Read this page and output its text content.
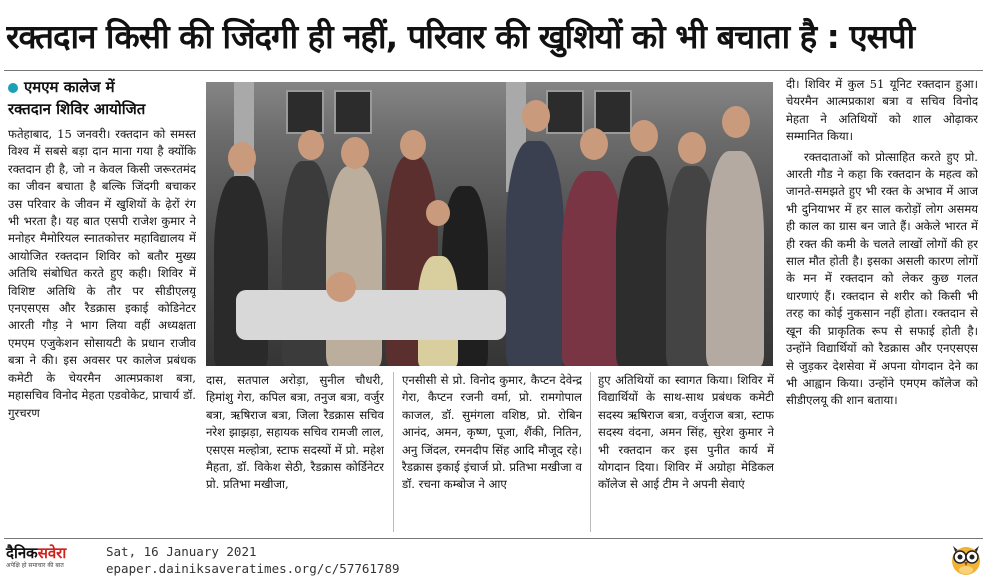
रक्तदान किसी की जिंदगी ही नहीं, परिवार की खुशियों को भी बचाता है : एसपी
एमएम कालेज में
रक्तदान शिविर आयोजित

फतेहाबाद, 15 जनवरी। रक्तदान को समस्त विश्व में सबसे बड़ा दान माना गया है क्योंकि रक्तदान ही है, जो न केवल किसी जरूरतमंद का जीवन बचाता है बल्कि जिंदगी बचाकर उस परिवार के जीवन में खुशियों के ढ़ेरों रंग भी भरता है। यह बात एसपी राजेश कुमार ने मनोहर मैमोरियल स्नातकोत्तर महाविद्यालय में आयोजित रक्तदान शिविर को बतौर मुख्य अतिथि संबोधित करते हुए कही। शिविर में विशिष्ट अतिथि के तौर पर सीडीएलयू एनएसएस और रैडक्रास इकाई कोडिनेटर आरती गौड़ ने भाग लिया वहीं अध्यक्षता एमएम एजुकेशन सोसायटी के प्रधान राजीव बत्रा ने की। इस अवसर पर कालेज प्रबंधक कमेटी के चेयरमैन आत्मप्रकाश बत्रा, महासचिव विनोद मेहता एडवोकेट, प्राचार्य डॉ. गुरचरण

दास, सतपाल अरोड़ा, सुनील चौधरी, हिमांशु गेरा, कपिल बत्रा, तनुज बत्रा, वर्जुर बत्रा, ऋषिराज बत्रा, जिला रैडक्रास सचिव नरेश झाझड़ा, सहायक सचिव रामजी लाल, एसएस मल्होत्रा, स्टाफ सदस्यों में प्रो. महेश मैहता, डॉ. विकेश सेठी, रैडक्रास कोर्डिनेटर प्रो. प्रतिभा मखीजा,

एनसीसी से प्रो. विनोद कुमार, कैप्टन देवेन्द्र गेरा, कैप्टन रजनी वर्मा, प्रो. रामगोपाल काजल, डॉ. सुमंगला वशिष्ठ, प्रो. रोबिन आनंद, अमन, कृष्ण, पूजा, शैंकी, नितिन, अनु जिंदल, रमनदीप सिंह आदि मौजूद रहे। रैडक्रास इकाई इंचार्ज प्रो. प्रतिभा मखीजा व डॉ. रचना कम्बोज ने आए

हुए अतिथियों का स्वागत किया। शिविर में विद्यार्थियों के साथ-साथ प्रबंधक कमेटी सदस्य ऋषिराज बत्रा, वर्जुराज बत्रा, स्टाफ सदस्य वंदना, अमन सिंह, सुरेश कुमार ने भी रक्तदान कर इस पुनीत कार्य में योगदान दिया। शिविर में अग्रोहा मेडिकल कॉलेज से आई टीम ने अपनी सेवाएं

दी। शिविर में कुल 51 यूनिट रक्तदान हुआ। चेयरमैन आत्मप्रकाश बत्रा व सचिव विनोद मेहता ने अतिथियों को शाल ओढ़ाकर सम्मानित किया।

रक्तदाताओं को प्रोत्साहित करते हुए प्रो. आरती गौड ने कहा कि रक्तदान के महत्व को जानते-समझते हुए भी रक्त के अभाव में आज भी दुनियाभर में हर साल करोड़ों लोग असमय ही काल का ग्रास बन जाते हैं। अकेले भारत में ही रक्त की कमी के चलते लाखों लोगों की हर साल मौत होती है। इसका असली कारण लोगों के मन में रक्तदान को लेकर कुछ गलत धारणाएं हैं। रक्तदान से शरीर को किसी भी तरह का कोई नुकसान नहीं होता। रक्तदान से खून की प्राकृतिक रूप से सफाई होती है। उन्होंने विद्यार्थियों को रैडक्रास और एनएसएस से जुड़कर देशसेवा में अपना योगदान देने का भी आह्वान किया। उन्होंने एमएम कॉलेज को सीडीएलयू की शान बताया।

दैनिकसवेरा
अपेक्षि हो समाचार की बात
Sat, 16 January 2021
epaper.dainiksaveratimes.org/c/57761789
